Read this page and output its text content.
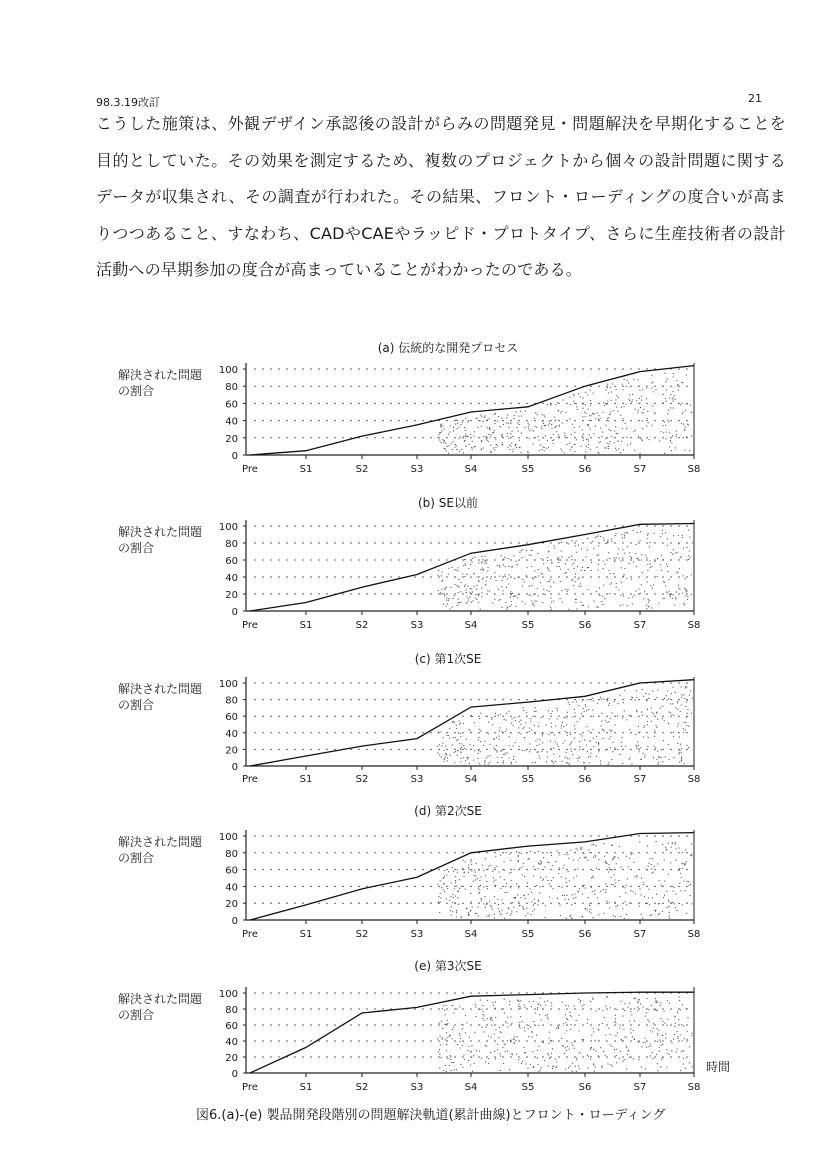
98.3.19改訂	21

こうした施策は、外観デザイン承認後の設計がらみの問題発見・問題解決を早期化することを目的としていた。その効果を測定するため、複数のプロジェクトから個々の設計問題に関するデータが収集され、その調査が行われた。その結果、フロント・ローディングの度合いが高まりつつあること、すなわち、CADやCAEやラッピド・プロトタイプ、さらに生産技術者の設計活動への早期参加の度合が高まっていることがわかったのである。

(a) 伝統的な開発プロセス
解決された問題の割合
100
80
60
40
20
0
Pre	S1	S2	S3	S4	S5	S6	S7	S8
(b) SE以前
解決された問題の割合
100
80
60
40
20
0
Pre	S1	S2	S3	S4	S5	S6	S7	S8
(c) 第1次SE
解決された問題の割合
100
80
60
40
20
0
Pre	S1	S2	S3	S4	S5	S6	S7	S8
(d) 第2次SE
解決された問題の割合
100
80
60
40
20
0
Pre	S1	S2	S3	S4	S5	S6	S7	S8
(e) 第3次SE
解決された問題の割合
100
80
60
40
20
0
Pre	S1	S2	S3	S4	S5	S6	S7	S8
時間
図6.(a)-(e) 製品開発段階別の問題解決軌道(累計曲線)とフロント・ローディング
